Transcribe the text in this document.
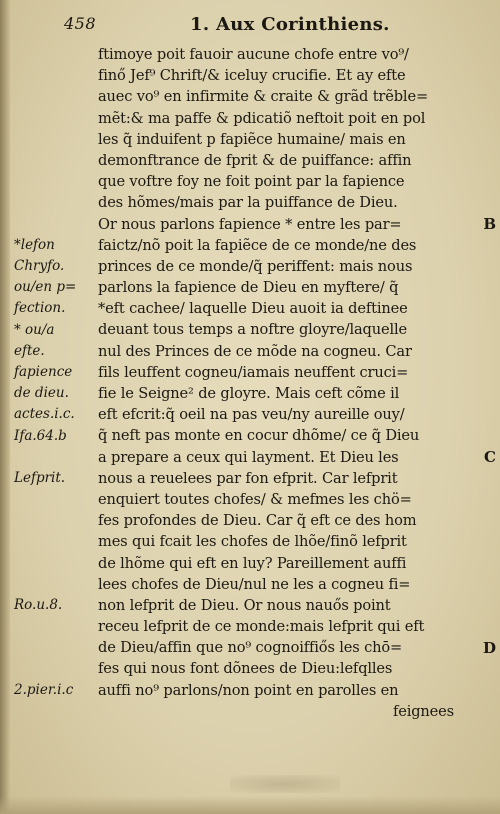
458	1. Aux Corinthiens.
*lefon
Chryfo.
ou/en p=
fection.
* ou/a
efte.
fapience
de dieu.
actes.i.c.
Ifa.64.b
Lefprit.
Ro.u.8.
2.pier.i.c
ftimoye poit fauoir aucune chofe entre vo⁹/
finő Jef⁹ Chrift/& iceluy crucifie. Et ay efte
auec vo⁹ en infirmite & craite & grãd trẽble=
mẽt:& ma paffe & pdicatiõ neftoit poit en pol
les q̃ induifent p fapiẽce humaine/ mais en
demonftrance de fprit & de puiffance: affin
que voftre foy ne foit point par la fapience
des hõmes/mais par la puiffance de Dieu.
Or nous parlons fapience * entre les par=
faictz/nõ poit la fapiẽce de ce monde/ne des
princes de ce monde/q̃ periffent: mais nous
parlons la fapience de Dieu en myftere/ q̃
*eft cachee/ laquelle Dieu auoit ia deftinee
deuant tous temps a noftre gloyre/laquelle
nul des Princes de ce mõde na cogneu. Car
fils leuffent cogneu/iamais neuffent cruci=
fie le Seigne² de gloyre. Mais ceft cõme il
eft efcrit:q̃ oeil na pas veu/ny aureille ouy/
q̃ neft pas monte en cocur dhõme/ ce q̃ Dieu
a prepare a ceux qui layment. Et Dieu les
nous a reuelees par fon efprit. Car lefprit
enquiert toutes chofes/ & mefmes les chö=
fes profondes de Dieu. Car q̃ eft ce des hom
mes qui fcait les chofes de lhõe/finõ lefprit
de lhõme qui eft en luy? Pareillement auffi
lees chofes de Dieu/nul ne les a cogneu fi=
non lefprit de Dieu. Or nous nauős point
receu lefprit de ce monde:mais lefprit qui eft
de Dieu/affin que no⁹ cognoiffiős les chō=
fes qui nous font dõnees de Dieu:lefqlles
auffi no⁹ parlons/non point en parolles en
feignees
B
C
D
